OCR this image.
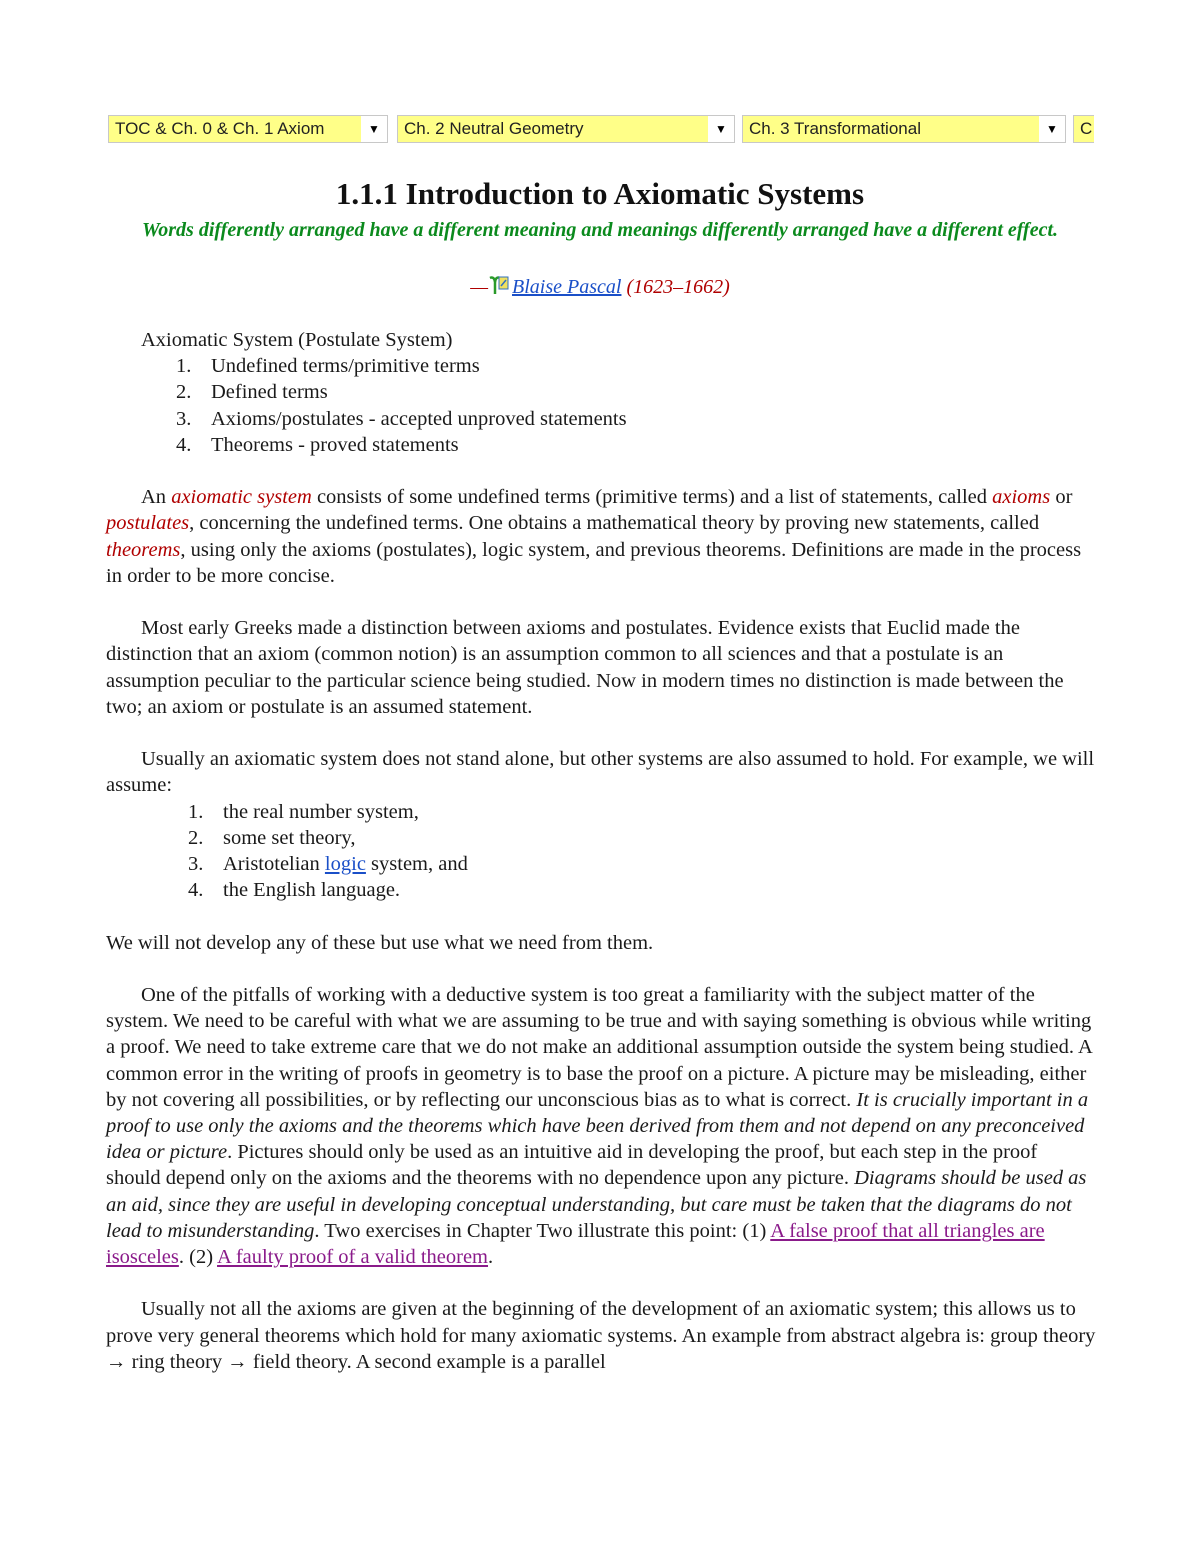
TOC & Ch. 0 & Ch. 1 Axiom	▼	Ch. 2 Neutral Geometry	▼	Ch. 3 Transformational	▼	C
1.1.1 Introduction to Axiomatic Systems

Words differently arranged have a different meaning and meanings differently arranged have a different effect.

— Blaise Pascal (1623–1662)

Axiomatic System (Postulate System)

1. Undefined terms/primitive terms
2. Defined terms
3. Axioms/postulates - accepted unproved statements
4. Theorems - proved statements

An axiomatic system consists of some undefined terms (primitive terms) and a list of statements, called axioms or postulates, concerning the undefined terms. One obtains a mathematical theory by proving new statements, called theorems, using only the axioms (postulates), logic system, and previous theorems. Definitions are made in the process in order to be more concise.

Most early Greeks made a distinction between axioms and postulates. Evidence exists that Euclid made the distinction that an axiom (common notion) is an assumption common to all sciences and that a postulate is an assumption peculiar to the particular science being studied. Now in modern times no distinction is made between the two; an axiom or postulate is an assumed statement.

Usually an axiomatic system does not stand alone, but other systems are also assumed to hold. For example, we will assume:

1. the real number system,
2. some set theory,
3. Aristotelian logic system, and
4. the English language.

We will not develop any of these but use what we need from them.

One of the pitfalls of working with a deductive system is too great a familiarity with the subject matter of the system. We need to be careful with what we are assuming to be true and with saying something is obvious while writing a proof. We need to take extreme care that we do not make an additional assumption outside the system being studied. A common error in the writing of proofs in geometry is to base the proof on a picture. A picture may be misleading, either by not covering all possibilities, or by reflecting our unconscious bias as to what is correct. It is crucially important in a proof to use only the axioms and the theorems which have been derived from them and not depend on any preconceived idea or picture. Pictures should only be used as an intuitive aid in developing the proof, but each step in the proof should depend only on the axioms and the theorems with no dependence upon any picture. Diagrams should be used as an aid, since they are useful in developing conceptual understanding, but care must be taken that the diagrams do not lead to misunderstanding. Two exercises in Chapter Two illustrate this point: (1) A false proof that all triangles are isosceles. (2) A faulty proof of a valid theorem.

Usually not all the axioms are given at the beginning of the development of an axiomatic system; this allows us to prove very general theorems which hold for many axiomatic systems. An example from abstract algebra is: group theory → ring theory → field theory. A second example is a parallel
